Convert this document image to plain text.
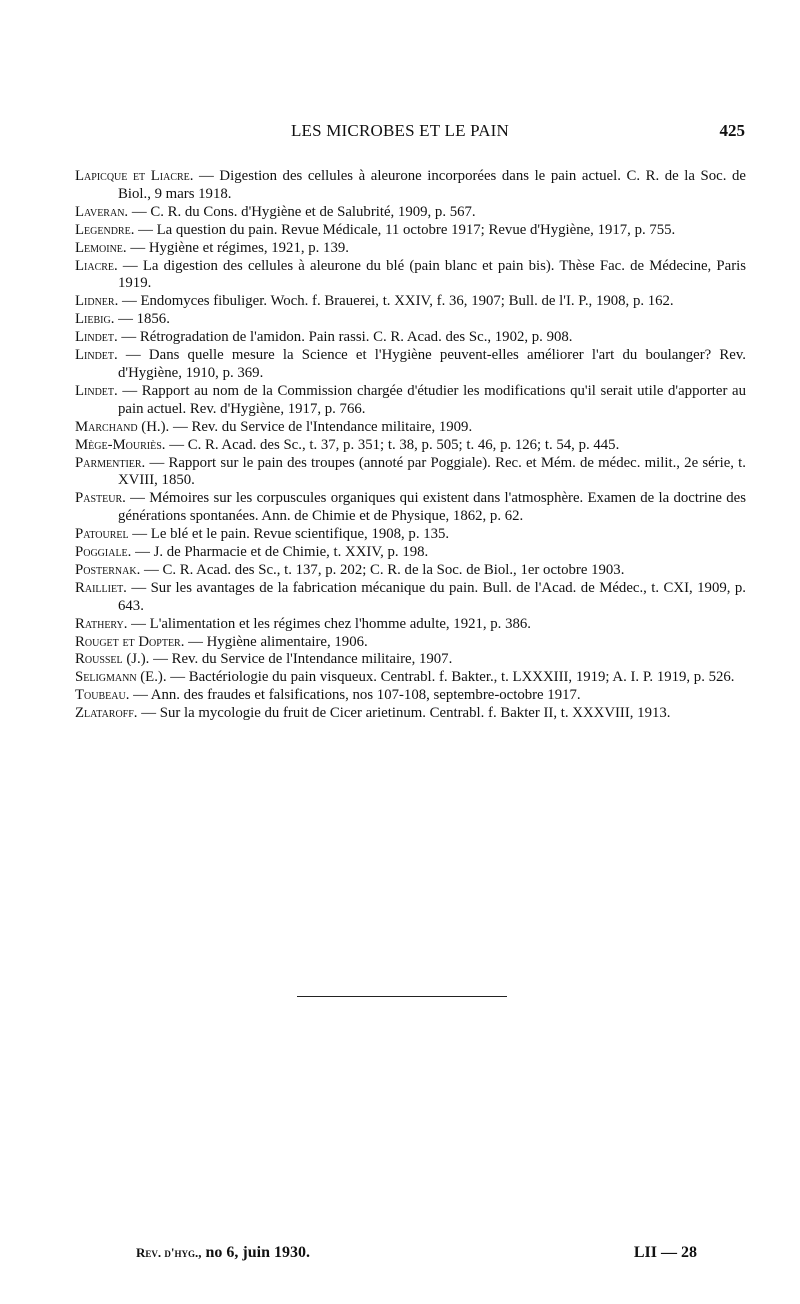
LES MICROBES ET LE PAIN	425
Lapicque et Liacre. — Digestion des cellules à aleurone incorporées dans le pain actuel. C. R. de la Soc. de Biol., 9 mars 1918.
Laveran. — C. R. du Cons. d'Hygiène et de Salubrité, 1909, p. 567.
Legendre. — La question du pain. Revue Médicale, 11 octobre 1917; Revue d'Hygiène, 1917, p. 755.
Lemoine. — Hygiène et régimes, 1921, p. 139.
Liacre. — La digestion des cellules à aleurone du blé (pain blanc et pain bis). Thèse Fac. de Médecine, Paris 1919.
Lidner. — Endomyces fibuliger. Woch. f. Brauerei, t. XXIV, f. 36, 1907; Bull. de l'I. P., 1908, p. 162.
Liebig. — 1856.
Lindet. — Rétrogradation de l'amidon. Pain rassi. C. R. Acad. des Sc., 1902, p. 908.
Lindet. — Dans quelle mesure la Science et l'Hygiène peuvent-elles améliorer l'art du boulanger? Rev. d'Hygiène, 1910, p. 369.
Lindet. — Rapport au nom de la Commission chargée d'étudier les modifications qu'il serait utile d'apporter au pain actuel. Rev. d'Hygiène, 1917, p. 766.
Marchand (H.). — Rev. du Service de l'Intendance militaire, 1909.
Mège-Mouriès. — C. R. Acad. des Sc., t. 37, p. 351; t. 38, p. 505; t. 46, p. 126; t. 54, p. 445.
Parmentier. — Rapport sur le pain des troupes (annoté par Poggiale). Rec. et Mém. de médec. milit., 2e série, t. XVIII, 1850.
Pasteur. — Mémoires sur les corpuscules organiques qui existent dans l'atmosphère. Examen de la doctrine des générations spontanées. Ann. de Chimie et de Physique, 1862, p. 62.
Patourel — Le blé et le pain. Revue scientifique, 1908, p. 135.
Poggiale. — J. de Pharmacie et de Chimie, t. XXIV, p. 198.
Posternak. — C. R. Acad. des Sc., t. 137, p. 202; C. R. de la Soc. de Biol., 1er octobre 1903.
Railliet. — Sur les avantages de la fabrication mécanique du pain. Bull. de l'Acad. de Médec., t. CXI, 1909, p. 643.
Rathery. — L'alimentation et les régimes chez l'homme adulte, 1921, p. 386.
Rouget et Dopter. — Hygiène alimentaire, 1906.
Roussel (J.). — Rev. du Service de l'Intendance militaire, 1907.
Seligmann (E.). — Bactériologie du pain visqueux. Centrabl. f. Bakter., t. LXXXIII, 1919; A. I. P. 1919, p. 526.
Toubeau. — Ann. des fraudes et falsifications, nos 107-108, septembre-octobre 1917.
Zlataroff. — Sur la mycologie du fruit de Cicer arietinum. Centrabl. f. Bakter II, t. XXXVIII, 1913.
Rev. d'hyg., no 6, juin 1930.	LII — 28
